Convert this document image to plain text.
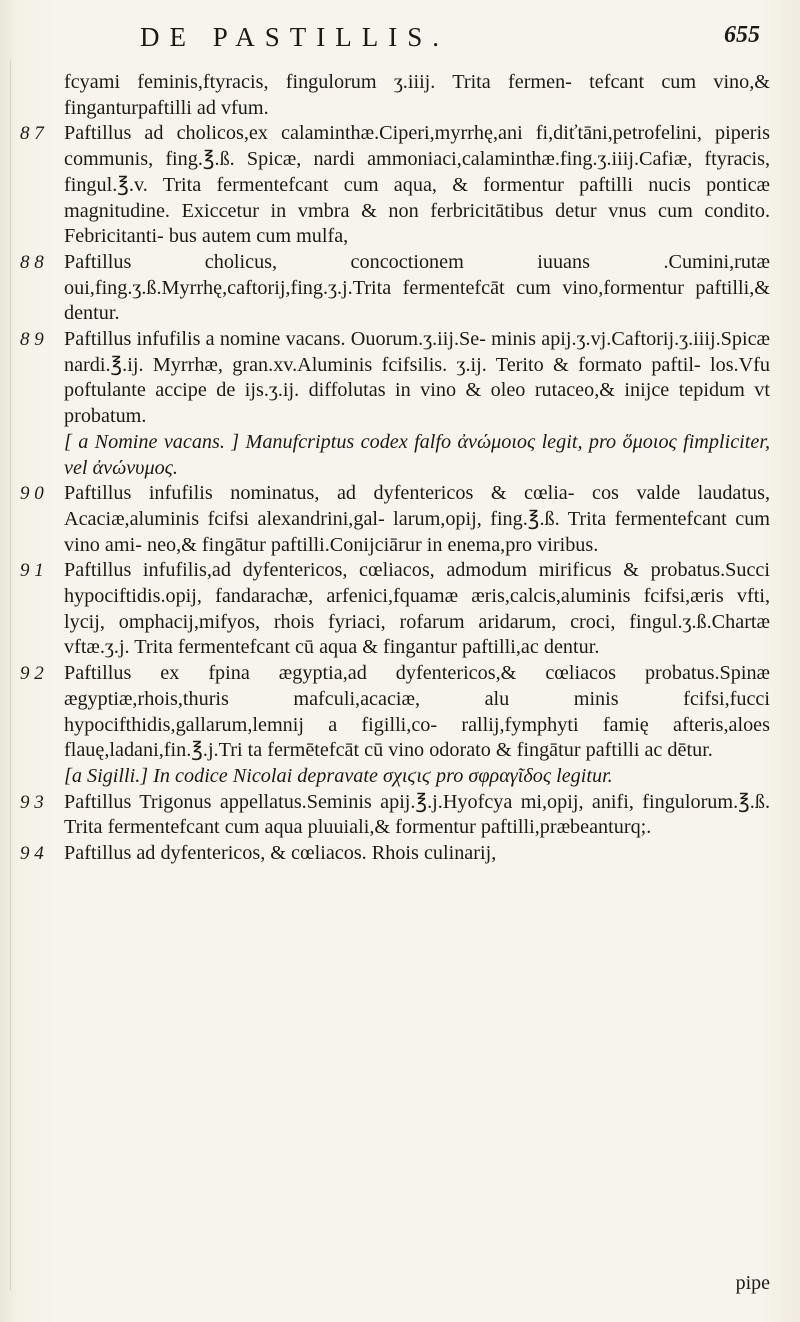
DE PASTILLIS.	655
fcyami feminis,ftyracis, fingulorum ʒ.iiij. Trita fermen- tefcant cum vino,& finganturpaftilli ad vfum.
8 7 Paftillus ad cholicos,ex calaminthæ.Ciperi,myrrhę,ani fi,diťtāni,petrofelini, piperis communis, fing.℥.ß. Spicæ, nardi ammoniaci,calaminthæ.fing.ʒ.iiij.Cafiæ, ftyracis, fingul.℥.v. Trita fermentefcant cum aqua, & formentur paftilli nucis ponticæ magnitudine. Exiccetur in vmbra & non ferbricitātibus detur vnus cum condito. Febricitanti- bus autem cum mulfa,
8 8 Paftillus cholicus, concoctionem iuuans .Cumini,rutæ oui,fing.ʒ.ß.Myrrhę,caftorij,fing.ʒ.j.Trita fermentefcāt cum vino,formentur paftilli,& dentur.
8 9 Paftillus infufilis a nomine vacans. Ouorum.ʒ.iij.Se- minis apij.ʒ.vj.Caftorij.ʒ.iiij.Spicæ nardi.℥.ij. Myrrhæ, gran.xv.Aluminis fcifsilis. ʒ.ij. Terito & formato paftil- los.Vfu poftulante accipe de ijs.ʒ.ij. diffolutas in vino & oleo rutaceo,& inijce tepidum vt probatum.
[ a Nomine vacans. ] Manufcriptus codex falfo ἀνώμοιος legit, pro ὅμοιος fimpliciter, vel ἀνώνυμος.
9 0 Paftillus infufilis nominatus, ad dyfentericos & cœlia- cos valde laudatus, Acaciæ,aluminis fcifsi alexandrini,gal- larum,opij, fing.℥.ß. Trita fermentefcant cum vino ami- neo,& fingātur paftilli.Conijciārur in enema,pro viribus.
9 1 Paftillus infufilis,ad dyfentericos, cœliacos, admodum mirificus & probatus.Succi hypociftidis.opij, fandarachæ, arfenici,fquamæ æris,calcis,aluminis fcifsi,æris vfti, lycij, omphacij,mifyos, rhois fyriaci, rofarum aridarum, croci, fingul.ʒ.ß.Chartæ vftæ.ʒ.j. Trita fermentefcant cū aqua & fingantur paftilli,ac dentur.
9 2 Paftillus ex fpina ægyptia,ad dyfentericos,& cœliacos probatus.Spinæ ægyptiæ,rhois,thuris mafculi,acaciæ, alu minis fcifsi,fucci hypocifthidis,gallarum,lemnij a figilli,co- rallij,fymphyti famię afteris,aloes flauę,ladani,fin.℥.j.Tri ta fermētefcāt cū vino odorato & fingātur paftilli ac dētur.
[a Sigilli.] In codice Nicolai depravate σχιϛιϛ pro σφραγῖδος legitur.
9 3 Paftillus Trigonus appellatus.Seminis apij.℥.j.Hyofcya mi,opij, anifi, fingulorum.℥.ß. Trita fermentefcant cum aqua pluuiali,& formentur paftilli,præbeanturq;.
9 4 Paftillus ad dyfentericos, & cœliacos. Rhois culinarij,
pipe
